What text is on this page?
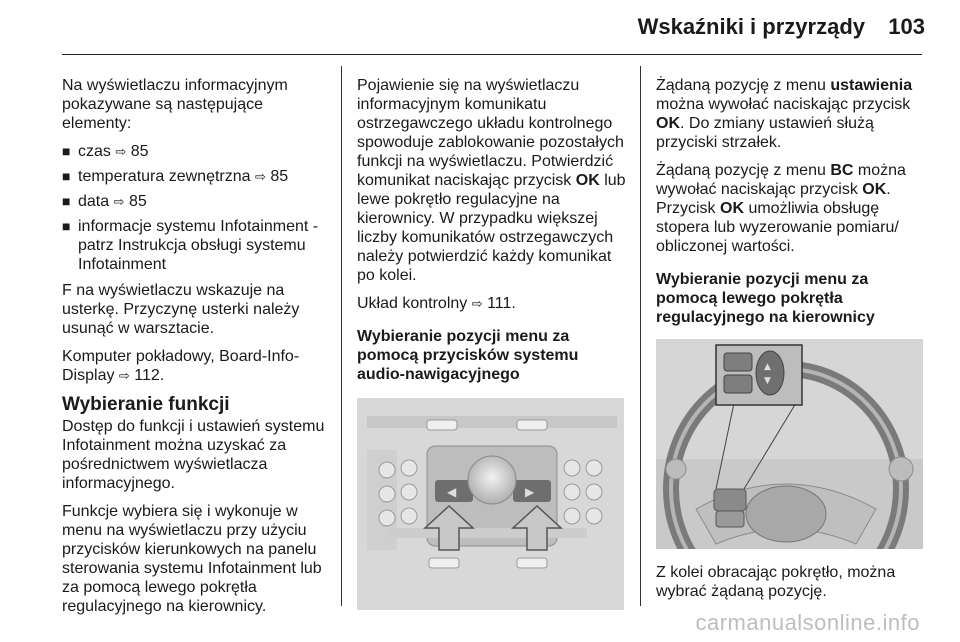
Wskaźniki i przyrządy 103

Na wyświetlaczu informacyjnym pokazywane są następujące elementy:

■ czas ⇨ 85
■ temperatura zewnętrzna ⇨ 85
■ data ⇨ 85
■ informacje systemu Infotainment - patrz Instrukcja obsługi systemu Infotainment

F na wyświetlaczu wskazuje na usterkę. Przyczynę usterki należy usunąć w warsztacie.

Komputer pokładowy, Board-Info-Display ⇨ 112.

Wybieranie funkcji

Dostęp do funkcji i ustawień systemu Infotainment można uzyskać za pośrednictwem wyświetlacza informacyjnego.

Funkcje wybiera się i wykonuje w menu na wyświetlaczu przy użyciu przycisków kierunkowych na panelu sterowania systemu Infotainment lub za pomocą lewego pokrętła regulacyjnego na kierownicy.

Pojawienie się na wyświetlaczu informacyjnym komunikatu ostrzegawczego układu kontrolnego spowoduje zablokowanie pozostałych funkcji na wyświetlaczu. Potwierdzić komunikat naciskając przycisk OK lub lewe pokrętło regulacyjne na kierownicy. W przypadku większej liczby komunikatów ostrzegawczych należy potwierdzić każdy komunikat po kolei.

Układ kontrolny ⇨ 111.

Wybieranie pozycji menu za pomocą przycisków systemu audio-nawigacyjnego
◀	▶

Żądaną pozycję z menu ustawienia można wywołać naciskając przycisk OK. Do zmiany ustawień służą przyciski strzałek.

Żądaną pozycję z menu BC można wywołać naciskając przycisk OK. Przycisk OK umożliwia obsługę stopera lub wyzerowanie pomiaru/ obliczonej wartości.

Wybieranie pozycji menu za pomocą lewego pokrętła regulacyjnego na kierownicy
▲
▼

Z kolei obracając pokrętło, można wybrać żądaną pozycję.

carmanualsonline.info
